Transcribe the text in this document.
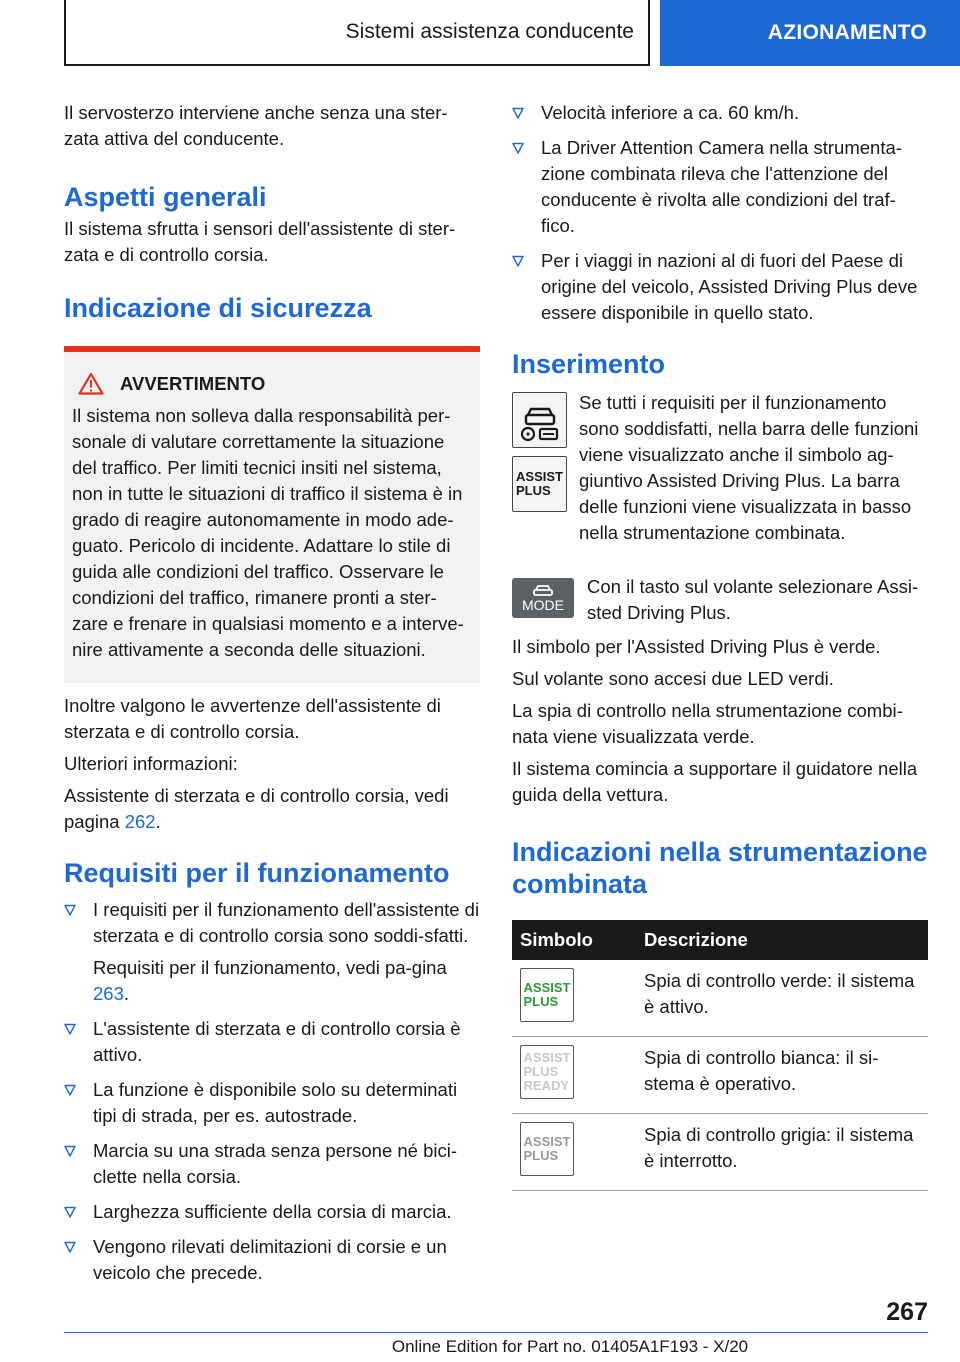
Sistemi assistenza conducente	AZIONAMENTO

Il servosterzo interviene anche senza una ster-zata attiva del conducente.

Aspetti generali

Il sistema sfrutta i sensori dell'assistente di ster-zata e di controllo corsia.

Indicazione di sicurezza
AVVERTIMENTO

Il sistema non solleva dalla responsabilità per-sonale di valutare correttamente la situazione del traffico. Per limiti tecnici insiti nel sistema, non in tutte le situazioni di traffico il sistema è in grado di reagire autonomamente in modo ade-guato. Pericolo di incidente. Adattare lo stile di guida alle condizioni del traffico. Osservare le condizioni del traffico, rimanere pronti a ster-zare e frenare in qualsiasi momento e a interve-nire attivamente a seconda delle situazioni.

Inoltre valgono le avvertenze dell'assistente di sterzata e di controllo corsia.

Ulteriori informazioni:

Assistente di sterzata e di controllo corsia, vedi pagina 262.

Requisiti per il funzionamento

I requisiti per il funzionamento dell'assistente di sterzata e di controllo corsia sono soddi-sfatti.

Requisiti per il funzionamento, vedi pa-gina 263.

L'assistente di sterzata e di controllo corsia è attivo.

La funzione è disponibile solo su determinati tipi di strada, per es. autostrade.

Marcia su una strada senza persone né bici-clette nella corsia.

Larghezza sufficiente della corsia di marcia.

Vengono rilevati delimitazioni di corsie e un veicolo che precede.

Velocità inferiore a ca. 60 km/h.

La Driver Attention Camera nella strumenta-zione combinata rileva che l'attenzione del conducente è rivolta alle condizioni del traf-fico.

Per i viaggi in nazioni al di fuori del Paese di origine del veicolo, Assisted Driving Plus deve essere disponibile in quello stato.

Inserimento
ASSIST
PLUS

Se tutti i requisiti per il funzionamento sono soddisfatti, nella barra delle funzioni viene visualizzato anche il simbolo ag-giuntivo Assisted Driving Plus. La barra delle funzioni viene visualizzata in basso nella strumentazione combinata.

MODE

Con il tasto sul volante selezionare Assi-sted Driving Plus.

Il simbolo per l'Assisted Driving Plus è verde.

Sul volante sono accesi due LED verdi.

La spia di controllo nella strumentazione combi-nata viene visualizzata verde.

Il sistema comincia a supportare il guidatore nella guida della vettura.

Indicazioni nella strumentazione combinata
Simbolo	Descrizione

ASSIST
PLUS	Spia di controllo verde: il sistema è attivo.

ASSIST
PLUS
READY	Spia di controllo bianca: il si-stema è operativo.

ASSIST
PLUS	Spia di controllo grigia: il sistema è interrotto.
267
Online Edition for Part no. 01405A1F193 - X/20
